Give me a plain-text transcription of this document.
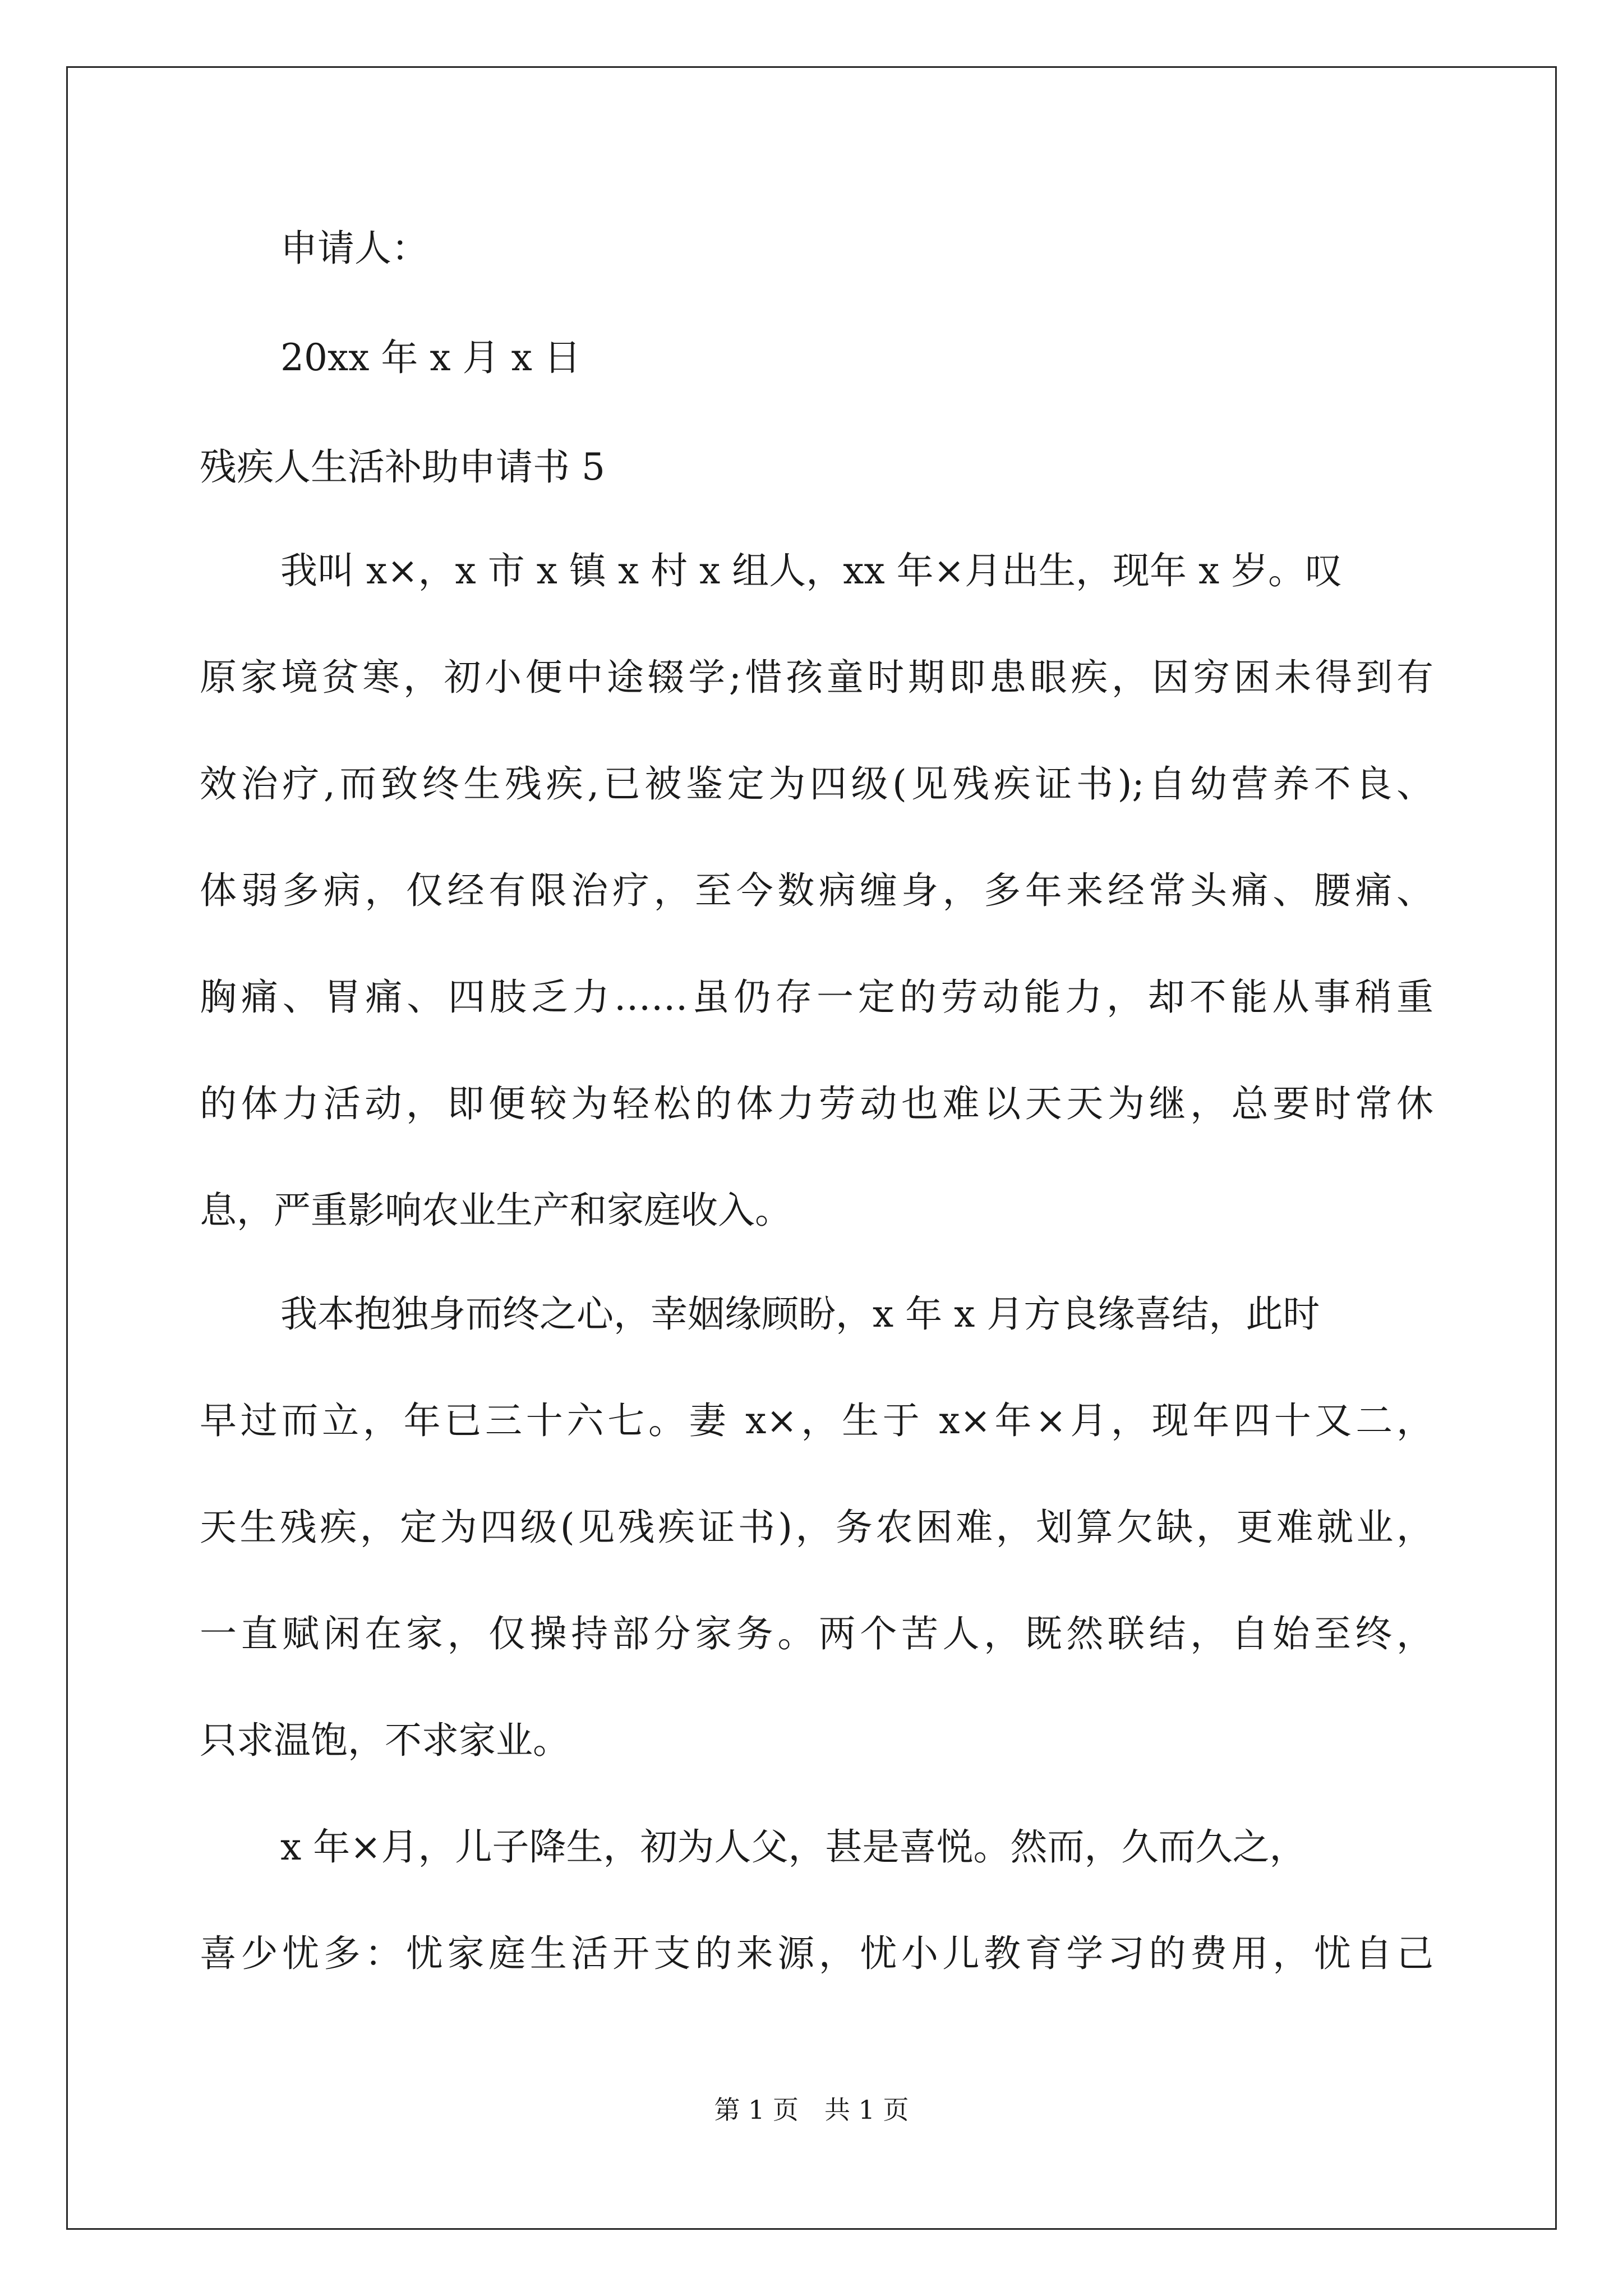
申请人：
20xx 年 x 月 x 日
残疾人生活补助申请书 5
我叫 x×，x 市 x 镇 x 村 x 组人，xx 年×月出生，现年 x 岁。叹
原家境贫寒，初小便中途辍学;惜孩童时期即患眼疾，因穷困未得到有
效治疗,而致终生残疾,已被鉴定为四级(见残疾证书);自幼营养不良、
体弱多病，仅经有限治疗，至今数病缠身，多年来经常头痛、腰痛、
胸痛、胃痛、四肢乏力……虽仍存一定的劳动能力，却不能从事稍重
的体力活动，即便较为轻松的体力劳动也难以天天为继，总要时常休
息，严重影响农业生产和家庭收入。
我本抱独身而终之心，幸姻缘顾盼，x 年 x 月方良缘喜结，此时
早过而立，年已三十六七。妻 x×，生于 x×年×月，现年四十又二，
天生残疾，定为四级(见残疾证书)，务农困难，划算欠缺，更难就业，
一直赋闲在家，仅操持部分家务。两个苦人，既然联结，自始至终，
只求温饱，不求家业。
x 年×月，儿子降生，初为人父，甚是喜悦。然而，久而久之，
喜少忧多：忧家庭生活开支的来源，忧小儿教育学习的费用，忧自己
第 1 页　共 1 页
